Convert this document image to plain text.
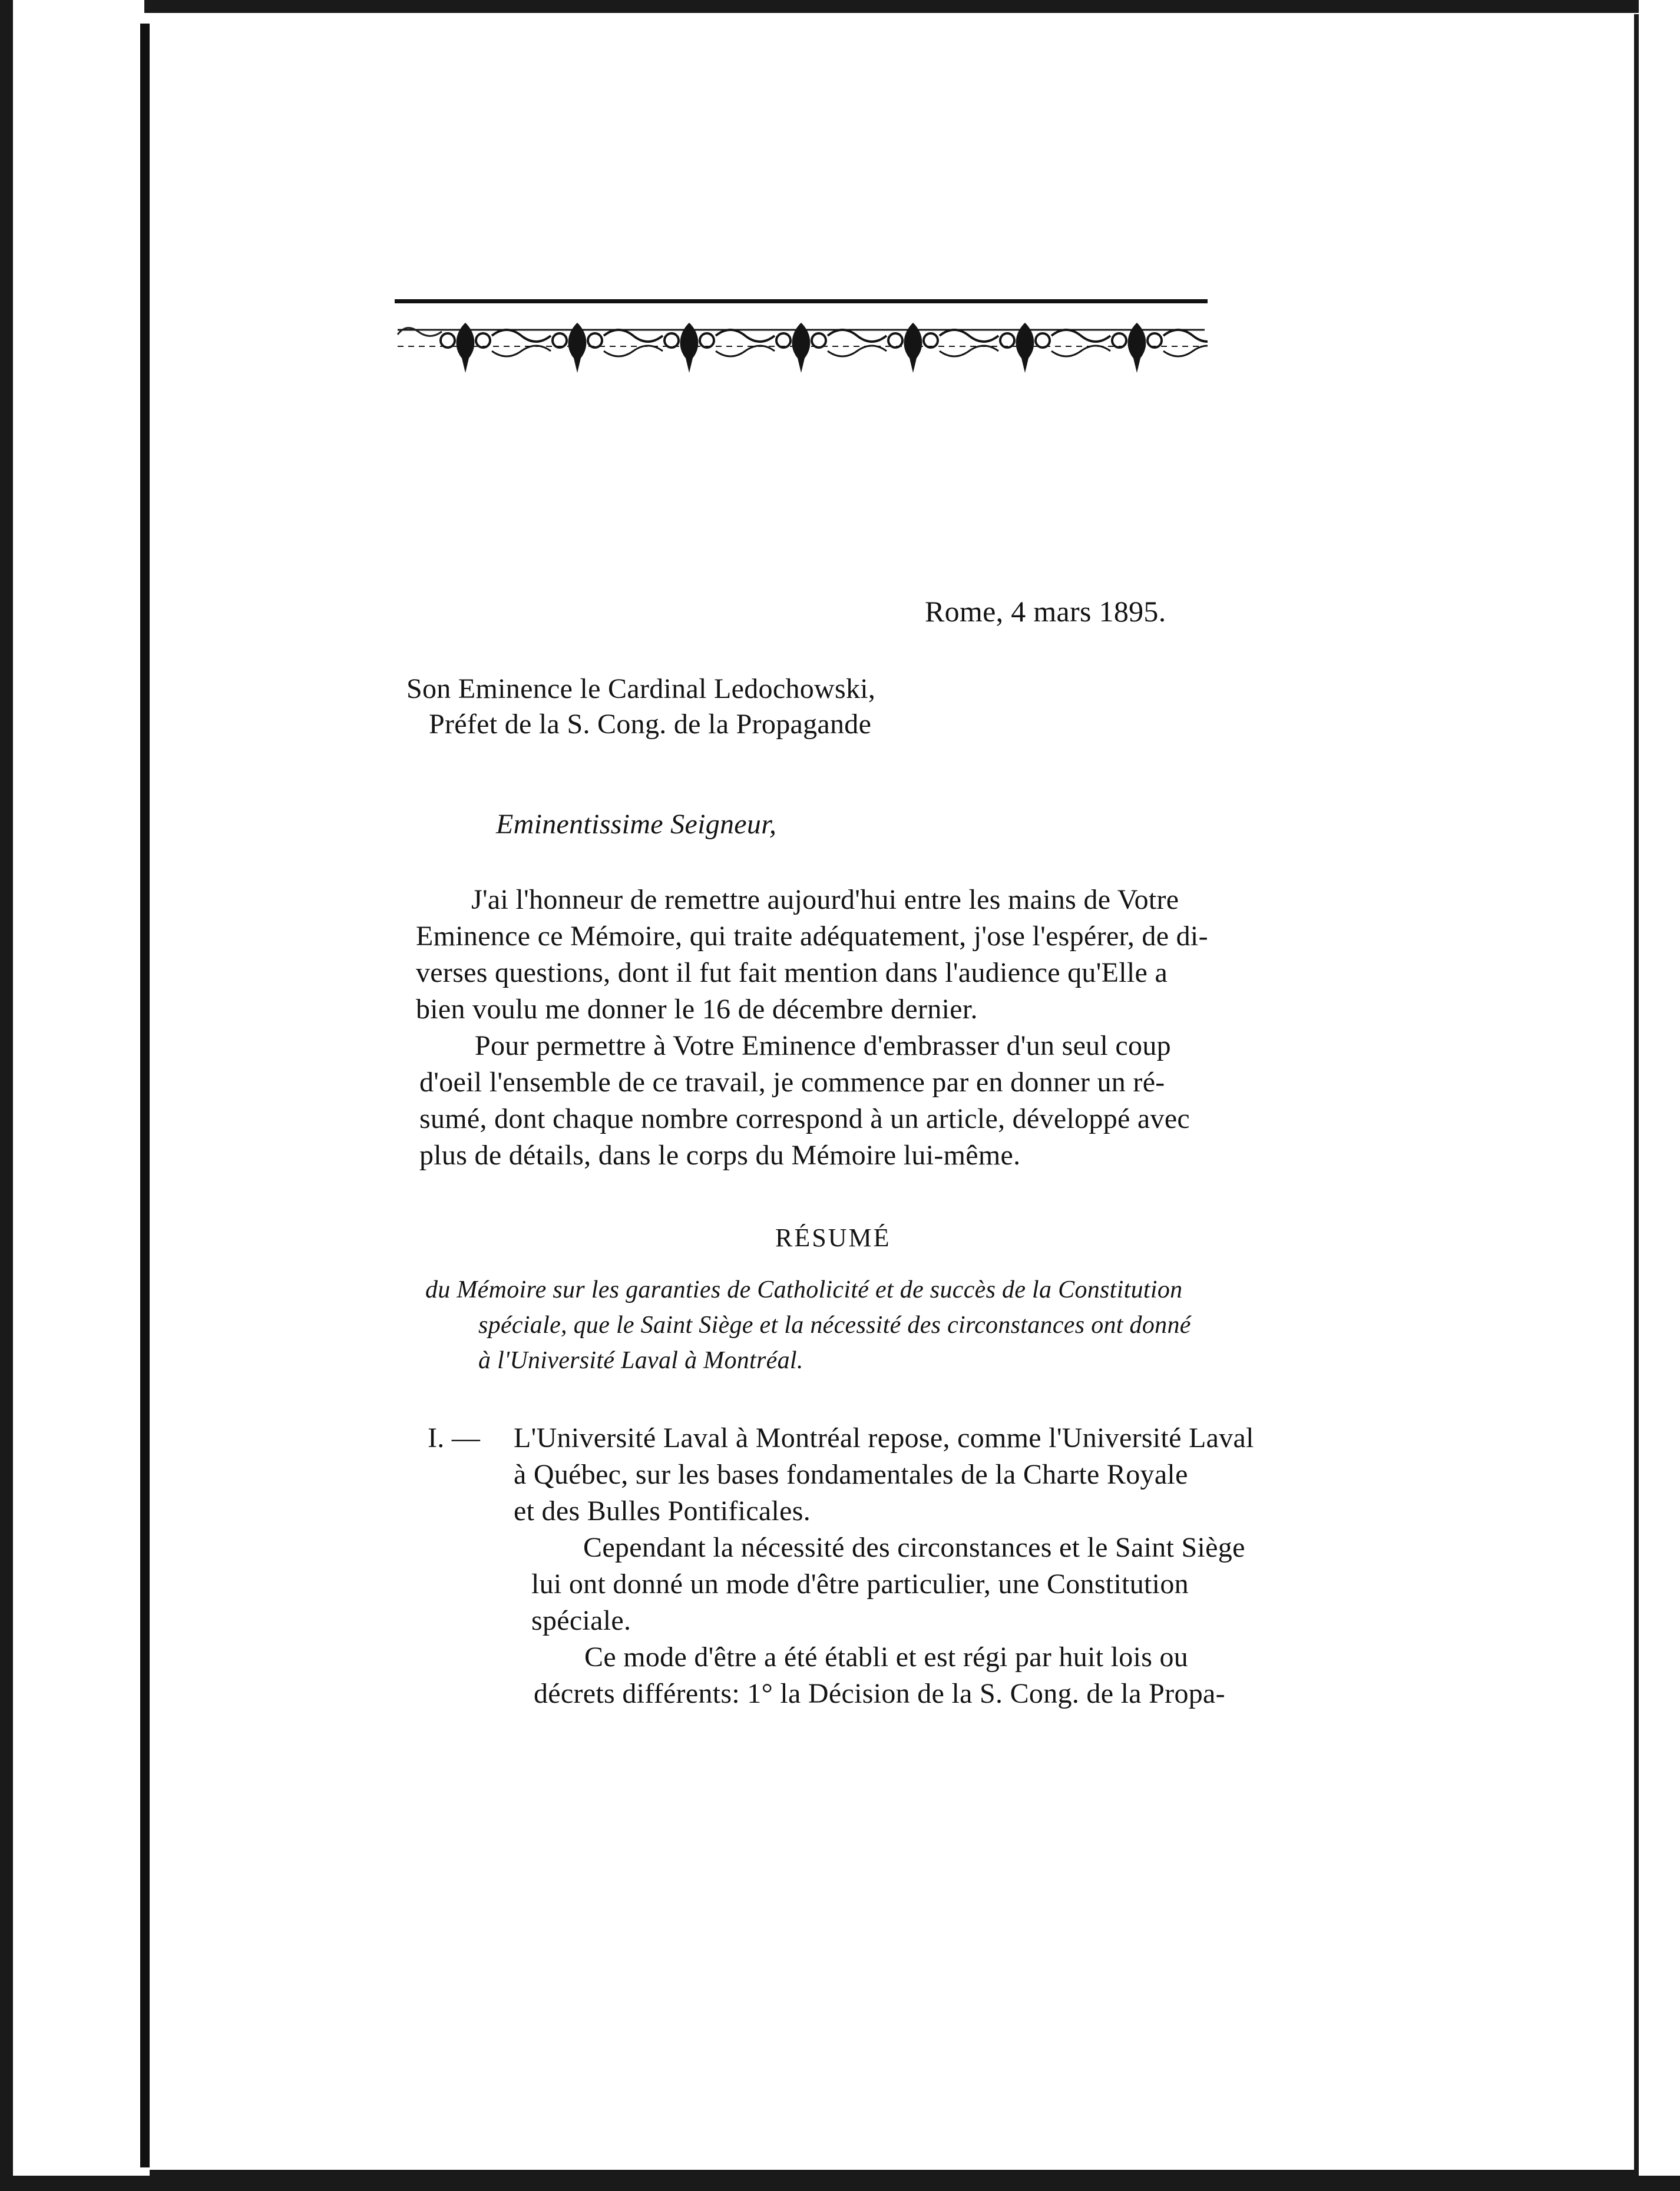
Rome, 4 mars 1895.
Son Eminence le Cardinal Ledochowski,
Préfet de la S. Cong. de la Propagande
Eminentissime Seigneur,
J'ai l'honneur de remettre aujourd'hui entre les mains de Votre
Eminence ce Mémoire, qui traite adéquatement, j'ose l'espérer, de di-
verses questions, dont il fut fait mention dans l'audience qu'Elle a
bien voulu me donner le 16 de décembre dernier.
Pour permettre à Votre Eminence d'embrasser d'un seul coup
d'oeil l'ensemble de ce travail, je commence par en donner un ré-
sumé, dont chaque nombre correspond à un article, développé avec
plus de détails, dans le corps du Mémoire lui-même.
RÉSUMÉ
du Mémoire sur les garanties de Catholicité et de succès de la Constitution
spéciale, que le Saint Siège et la nécessité des circonstances ont donné
à l'Université Laval à Montréal.
I. — L'Université Laval à Montréal repose, comme l'Université Laval
à Québec, sur les bases fondamentales de la Charte Royale
et des Bulles Pontificales.
Cependant la nécessité des circonstances et le Saint Siège
lui ont donné un mode d'être particulier, une Constitution
spéciale.
Ce mode d'être a été établi et est régi par huit lois ou
décrets différents: 1° la Décision de la S. Cong. de la Propa-
